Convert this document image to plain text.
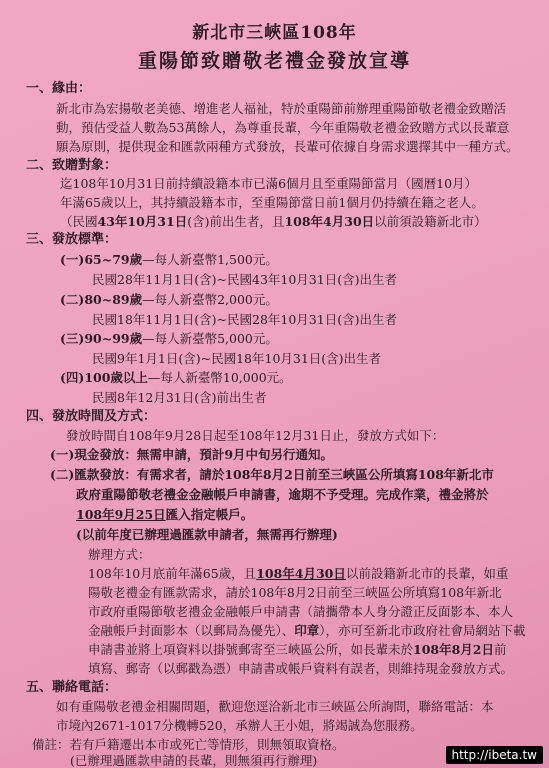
新北市三峽區108年
重陽節致贈敬老禮金發放宣導
一、緣由：
新北市為宏揚敬老美德、增進老人福祉，特於重陽節前辦理重陽節敬老禮金致贈活
動，預估受益人數為53萬餘人，為尊重長輩，今年重陽敬老禮金致贈方式以長輩意
願為原則，提供現金和匯款兩種方式發放，長輩可依據自身需求選擇其中一種方式。
二、致贈對象：
迄108年10月31日前持續設籍本市已滿6個月且至重陽節當月（國曆10月）
年滿65歲以上，其持續設籍本市，至重陽節當日前1個月仍持續在籍之老人。
（民國43年10月31日(含)前出生者，且108年4月30日以前須設籍新北市）
三、發放標準：
(一)65~79歲—每人新臺幣1,500元。
民國28年11月1日(含)~民國43年10月31日(含)出生者
(二)80~89歲—每人新臺幣2,000元。
民國18年11月1日(含)~民國28年10月31日(含)出生者
(三)90~99歲—每人新臺幣5,000元。
民國9年1月1日(含)~民國18年10月31日(含)出生者
(四)100歲以上—每人新臺幣10,000元。
民國8年12月31日(含)前出生者
四、發放時間及方式：
發放時間自108年9月28日起至108年12月31日止，發放方式如下：
(一)現金發放：無需申請，預計9月中旬另行通知。
(二)匯款發放：有需求者，請於108年8月2日前至三峽區公所填寫108年新北市
政府重陽節敬老禮金金融帳戶申請書，逾期不予受理。完成作業，禮金將於
108年9月25日匯入指定帳戶。
(以前年度已辦理過匯款申請者，無需再行辦理)
辦理方式：
108年10月底前年滿65歲，且108年4月30日以前設籍新北市的長輩，如重
陽敬老禮金有匯款需求，請於108年8月2日前至三峽區公所填寫108年新北
市政府重陽節敬老禮金金融帳戶申請書（請攜帶本人身分證正反面影本、本人
金融帳戶封面影本（以郵局為優先）、印章），亦可至新北市政府社會局網站下載
申請書並將上項資料以掛號郵寄至三峽區公所，如長輩未於108年8月2日前
填寫、郵寄（以郵戳為憑）申請書或帳戶資料有誤者，則維持現金發放方式。
五、聯絡電話：
如有重陽敬老禮金相關問題，歡迎您逕洽新北市三峽區公所詢問，聯絡電話：本
市境內2671-1017分機轉520，承辦人王小姐，將竭誠為您服務。
備註：若有戶籍遷出本市或死亡等情形，則無領取資格。
(已辦理過匯款申請的長輩，則無須再行辦理)	http://ibeta.tw
